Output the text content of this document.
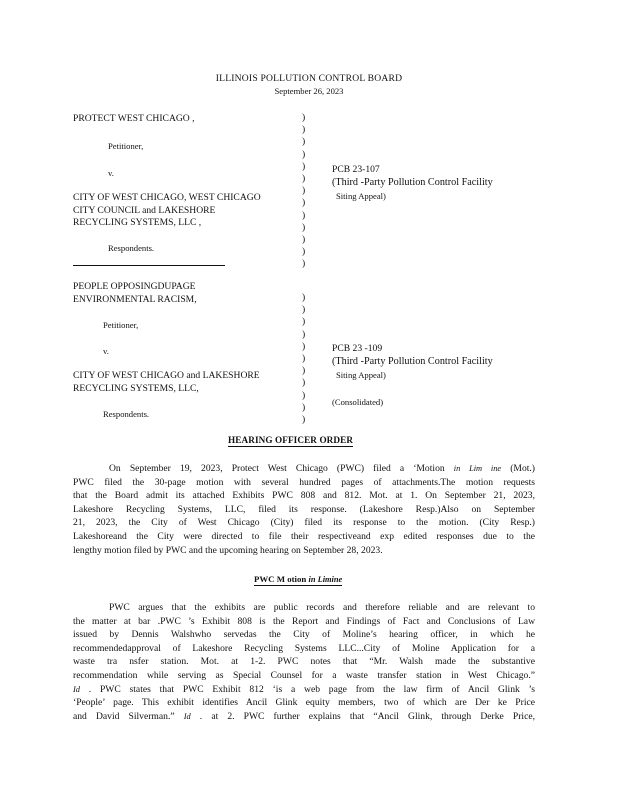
ILLINOIS POLLUTION CONTROL BOARD
September 26, 2023
PROTECT WEST CHICAGO ,
Petitioner,
v.
CITY OF WEST CHICAGO, WEST CHICAGO
CITY COUNCIL and LAKESHORE
RECYCLING SYSTEMS, LLC ,
Respondents.
)
)
)
)
)
)
)
)
)
)
)
)
)
PCB 23-107
(Third -Party Pollution Control Facility
Siting Appeal)
PEOPLE OPPOSINGDUPAGE
ENVIRONMENTAL RACISM,
Petitioner,
v.
CITY OF WEST CHICAGO and LAKESHORE
RECYCLING SYSTEMS, LLC,
Respondents.
)
)
)
)
)
)
)
)
)
)
)
PCB 23 -109
(Third -Party Pollution Control Facility
Siting Appeal)
(Consolidated)
HEARING OFFICER ORDER
On September 19, 2023, Protect West Chicago (PWC) filed a ‘Motion in Lim ine (Mot.)
PWC filed the 30-page motion with several hundred pages of attachments.The motion requests
that the Board admit its attached Exhibits PWC 808 and 812. Mot. at 1. On September 21, 2023,
Lakeshore Recycling Systems, LLC, filed its response. (Lakeshore Resp.)Also on September
21, 2023, the City of West Chicago (City) filed its response to the motion. (City Resp.)
Lakeshoreand the City were directed to file their respectiveand exp edited responses due to the
lengthy motion filed by PWC and the upcoming hearing on September 28, 2023.
PWC M otion in Limine
PWC argues that the exhibits are public records and therefore reliable and are relevant to
the matter at bar .PWC ’s Exhibit 808 is the Report and Findings of Fact and Conclusions of Law
issued by Dennis Walshwho servedas the City of Moline’s hearing officer, in which he
recommendedapproval of Lakeshore Recycling Systems LLC...City of Moline Application for a
waste tra nsfer station. Mot. at 1-2. PWC notes that “Mr. Walsh made the substantive
recommendation while serving as Special Counsel for a waste transfer station in West Chicago.”
Id . PWC states that PWC Exhibit 812 ‘is a web page from the law firm of Ancil Glink ’s
‘People’ page. This exhibit identifies Ancil Glink equity members, two of which are Der ke Price
and David Silverman.” Id . at 2. PWC further explains that “Ancil Glink, through Derke Price,
